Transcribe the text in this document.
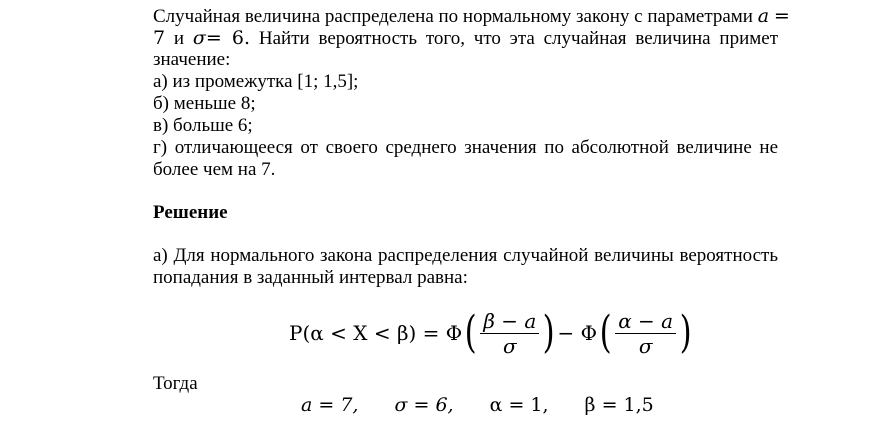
Случайная величина распределена по нормальному закону с параметрами a =
7 и σ= 6. Найти вероятность того, что эта случайная величина примет
значение:
а) из промежутка [1; 1,5];
б) меньше 8;
в) больше 6;
г) отличающееся от своего среднего значения по абсолютной величине не
более чем на 7.
Решение
а) Для нормального закона распределения случайной величины вероятность
попадания в заданный интервал равна:
P(α < X < β) = Φ ( $\frac{\beta - a}{\sigma}$ ) − Φ ( $\frac{\alpha - a}{\sigma}$ )
Тогда
a = 7, σ = 6, α = 1, β = 1,5
